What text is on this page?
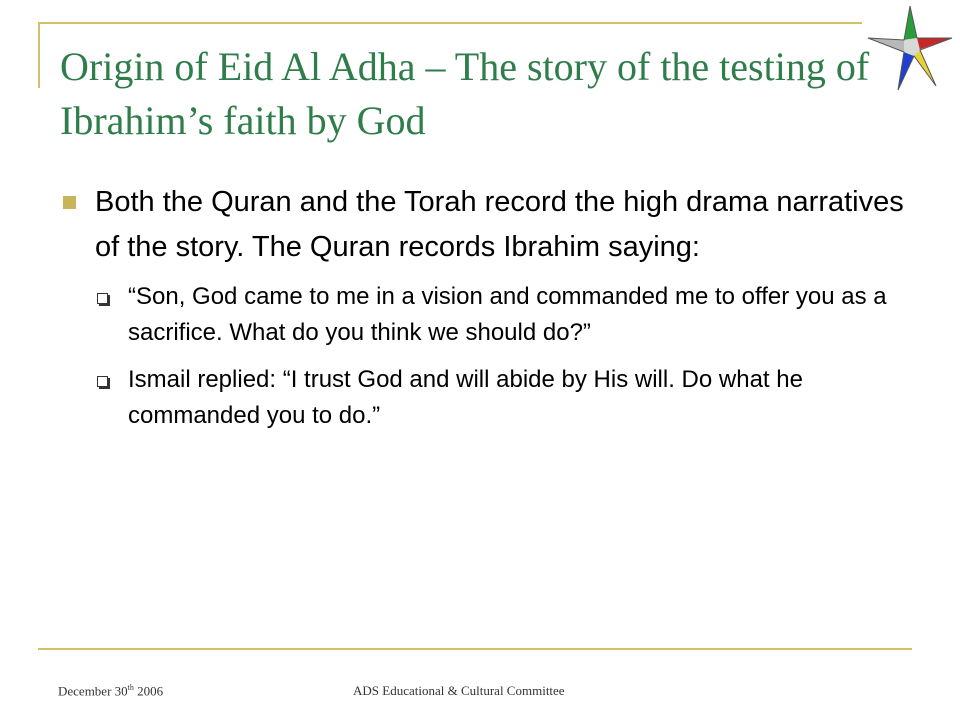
Origin of Eid Al Adha – The story of the testing of Ibrahim’s faith by God
Both the Quran and the Torah record the high drama narratives of the story. The Quran records Ibrahim saying:
“Son, God came to me in a vision and commanded me to offer you as a sacrifice. What do you think we should do?”
Ismail replied: “I trust God and will abide by His will. Do what he commanded you to do.”
December 30th 2006	ADS Educational & Cultural Committee
